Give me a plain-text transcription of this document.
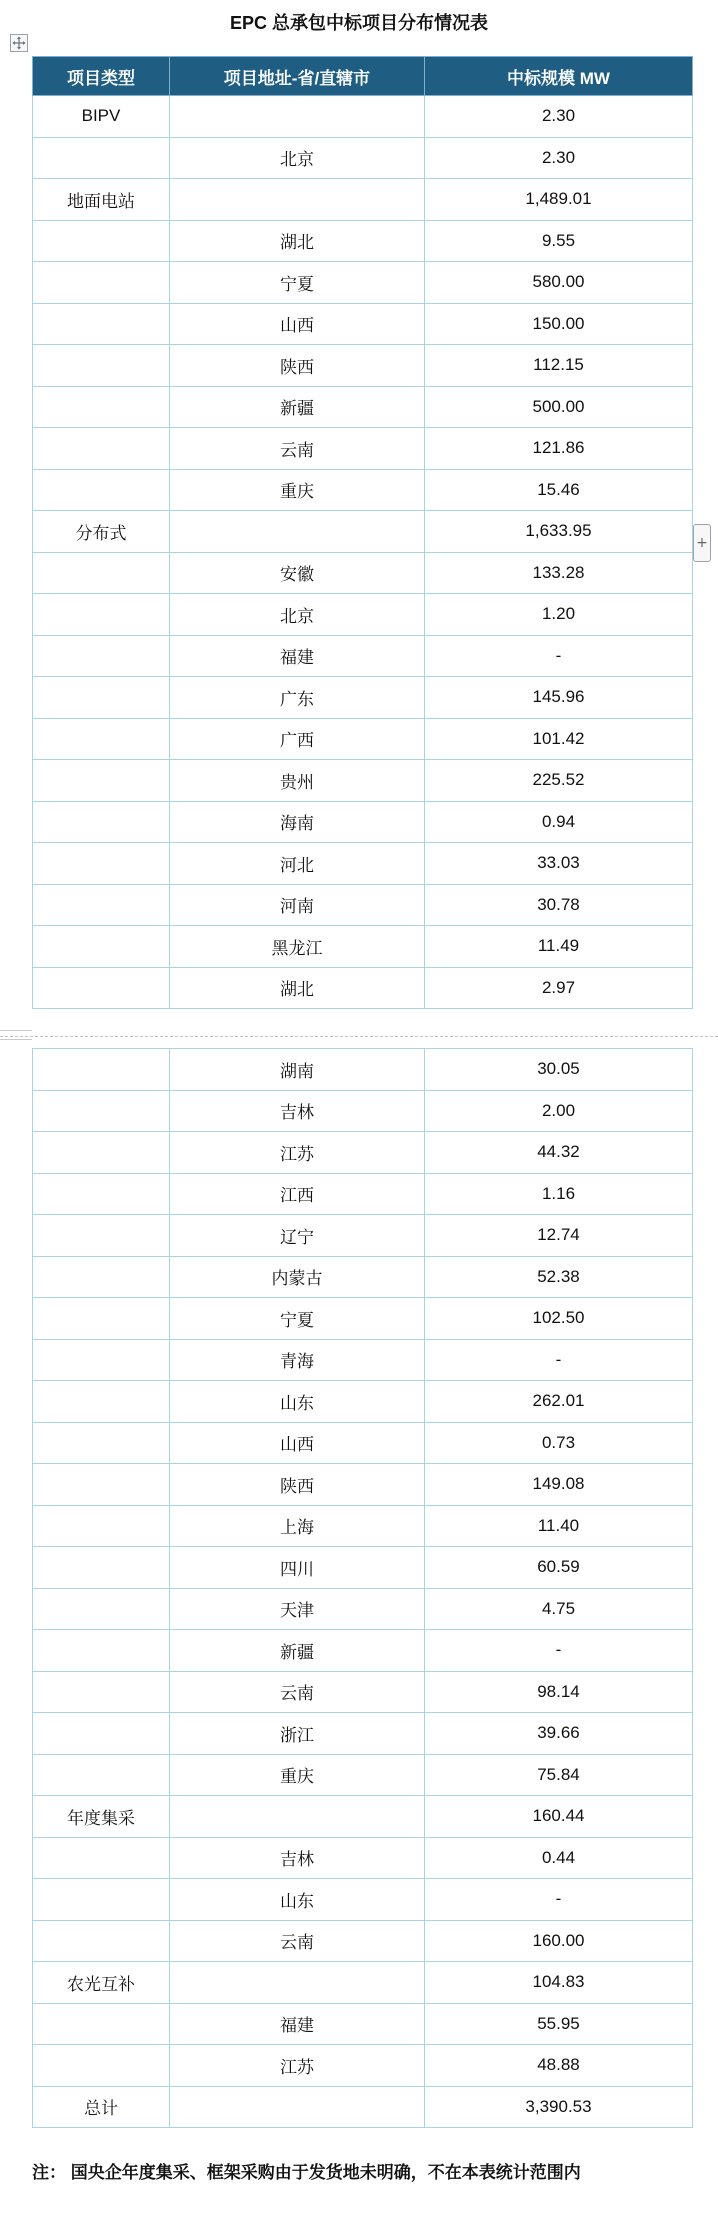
EPC 总承包中标项目分布情况表
+
项目类型	项目地址-省/直辖市	中标规模 MW
BIPV		2.30
	北京	2.30
地面电站		1,489.01
	湖北	9.55
	宁夏	580.00
	山西	150.00
	陕西	112.15
	新疆	500.00
	云南	121.86
	重庆	15.46
分布式		1,633.95
	安徽	133.28
	北京	1.20
	福建	-
	广东	145.96
	广西	101.42
	贵州	225.52
	海南	0.94
	河北	33.03
	河南	30.78
	黑龙江	11.49
	湖北	2.97
	湖南	30.05
	吉林	2.00
	江苏	44.32
	江西	1.16
	辽宁	12.74
	内蒙古	52.38
	宁夏	102.50
	青海	-
	山东	262.01
	山西	0.73
	陕西	149.08
	上海	11.40
	四川	60.59
	天津	4.75
	新疆	-
	云南	98.14
	浙江	39.66
	重庆	75.84
年度集采		160.44
	吉林	0.44
	山东	-
	云南	160.00
农光互补		104.83
	福建	55.95
	江苏	48.88
总计		3,390.53
注： 国央企年度集采、框架采购由于发货地未明确，不在本表统计范围内
